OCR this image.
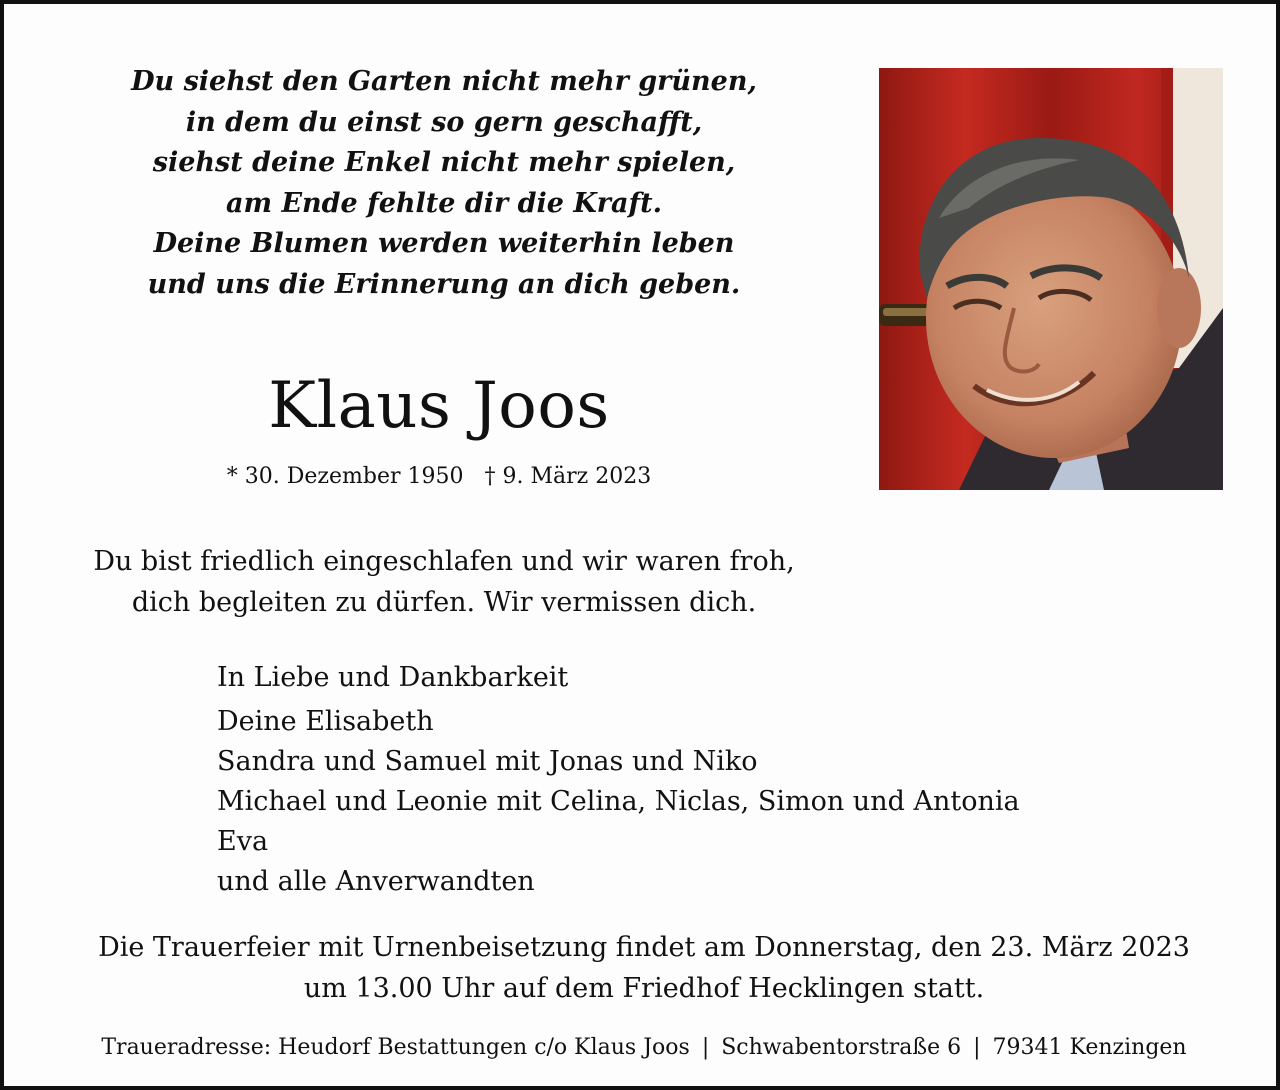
Du siehst den Garten nicht mehr grünen,
in dem du einst so gern geschafft,
siehst deine Enkel nicht mehr spielen,
am Ende fehlte dir die Kraft.
Deine Blumen werden weiterhin leben
und uns die Erinnerung an dich geben.
Klaus Joos
* 30. Dezember 1950 † 9. März 2023
Du bist friedlich eingeschlafen und wir waren froh,
dich begleiten zu dürfen. Wir vermissen dich.
In Liebe und Dankbarkeit
Deine Elisabeth
Sandra und Samuel mit Jonas und Niko
Michael und Leonie mit Celina, Niclas, Simon und Antonia
Eva
und alle Anverwandten
Die Trauerfeier mit Urnenbeisetzung findet am Donnerstag, den 23. März 2023
um 13.00 Uhr auf dem Friedhof Hecklingen statt.
Traueradresse: Heudorf Bestattungen c/o Klaus Joos | Schwabentorstraße 6 | 79341 Kenzingen
